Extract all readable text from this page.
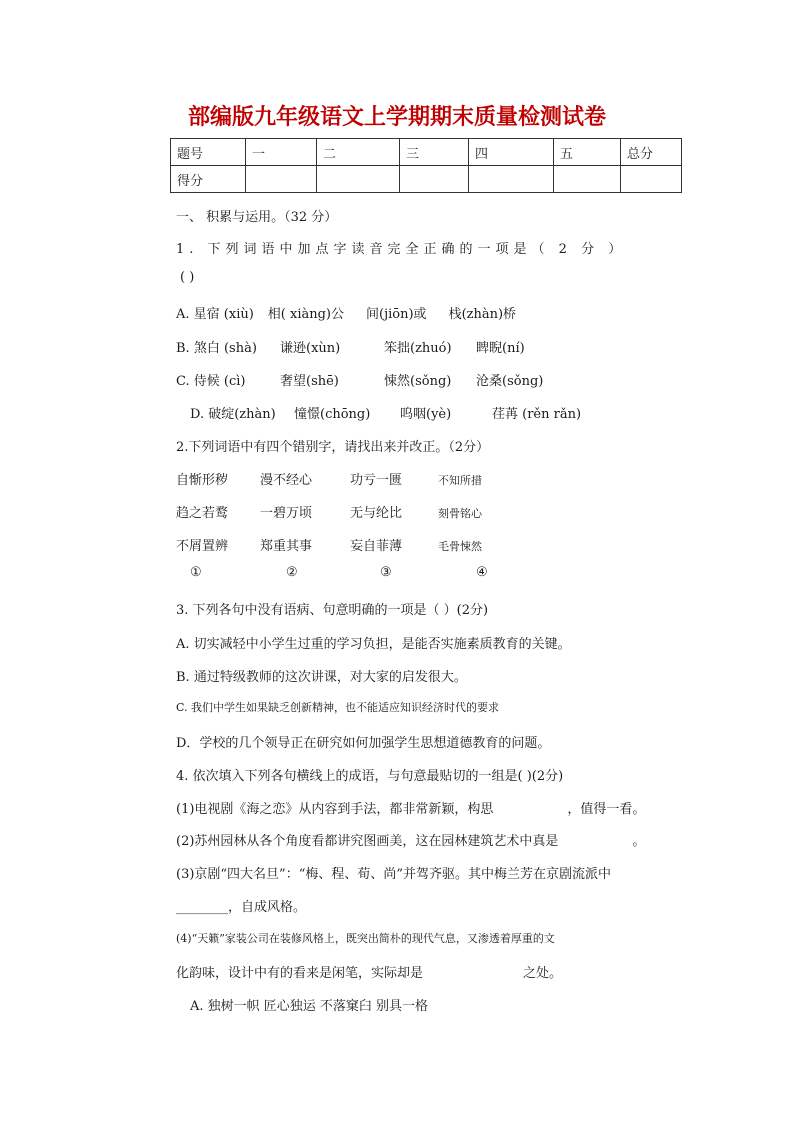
部编版九年级语文上学期期末质量检测试卷
题号	一	二	三	四	五	总分
得分						
一、 积累与运用。（32 分）
1. 下列词语中加点字读音完全正确的一项是（ 2 分 ）
( )
A. 星宿 (xiù) 相( xiàng)公 间(jiōn)或 栈(zhàn)桥
B. 煞白 (shà) 谦逊(xùn)	笨拙(zhuó) 睥睨(ní)
C. 侍候 (cì)	奢望(shē)	悚然(sǒng) 沧桑(sǒng)
D. 破绽(zhàn) 憧憬(chōng) 呜咽(yè)	荏苒 (rěn rǎn)
2.下列词语中有四个错别字，请找出来并改正。（2分）
自惭形秽 漫不经心	功亏一匮	不知所措
趋之若鹜 一碧万顷	无与纶比	刻骨铭心
不屑置辨 郑重其事	妄自菲薄	毛骨悚然
①	②	③	④
3. 下列各句中没有语病、句意明确的一项是（ ）(2分)
A. 切实减轻中小学生过重的学习负担，是能否实施素质教育的关键。
B. 通过特级教师的这次讲课，对大家的启发很大。
C. 我们中学生如果缺乏创新精神，也不能适应知识经济时代的要求
D．学校的几个领导正在研究如何加强学生思想道德教育的问题。
4. 依次填入下列各句横线上的成语，与句意最贴切的一组是( )(2分)
(1)电视剧《海之恋》从内容到手法，都非常新颖，构思	，值得一看。
(2)苏州园林从各个角度看都讲究图画美，这在园林建筑艺术中真是	。
(3)京剧“四大名旦”：“梅、程、荀、尚”并驾齐驱。其中梅兰芳在京剧流派中
________，自成风格。
(4)“天籁”家装公司在装修风格上，既突出简朴的现代气息，又渗透着厚重的文
化韵味，设计中有的看来是闲笔，实际却是	之处。
A. 独树一帜 匠心独运 不落窠臼 别具一格
